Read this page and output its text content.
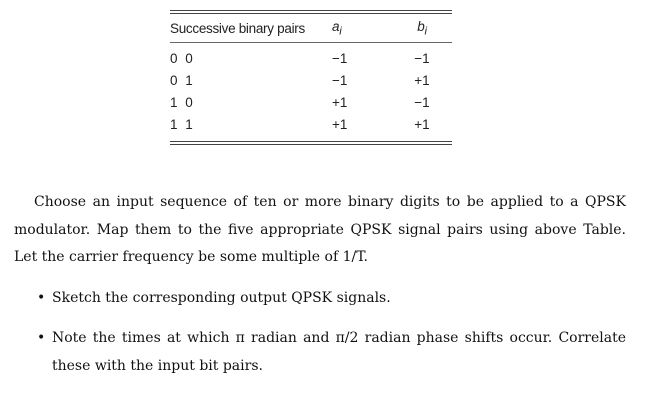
Successive binary pairs	$a_i$	$b_i$
0 0	−1	−1
0 1	−1	+1
1 0	+1	−1
1 1	+1	+1

Choose an input sequence of ten or more binary digits to be applied to a QPSK modulator. Map them to the five appropriate QPSK signal pairs using above Table. Let the carrier frequency be some multiple of 1/T.

• Sketch the corresponding output QPSK signals.
• Note the times at which π radian and π/2 radian phase shifts occur. Correlate these with the input bit pairs.
